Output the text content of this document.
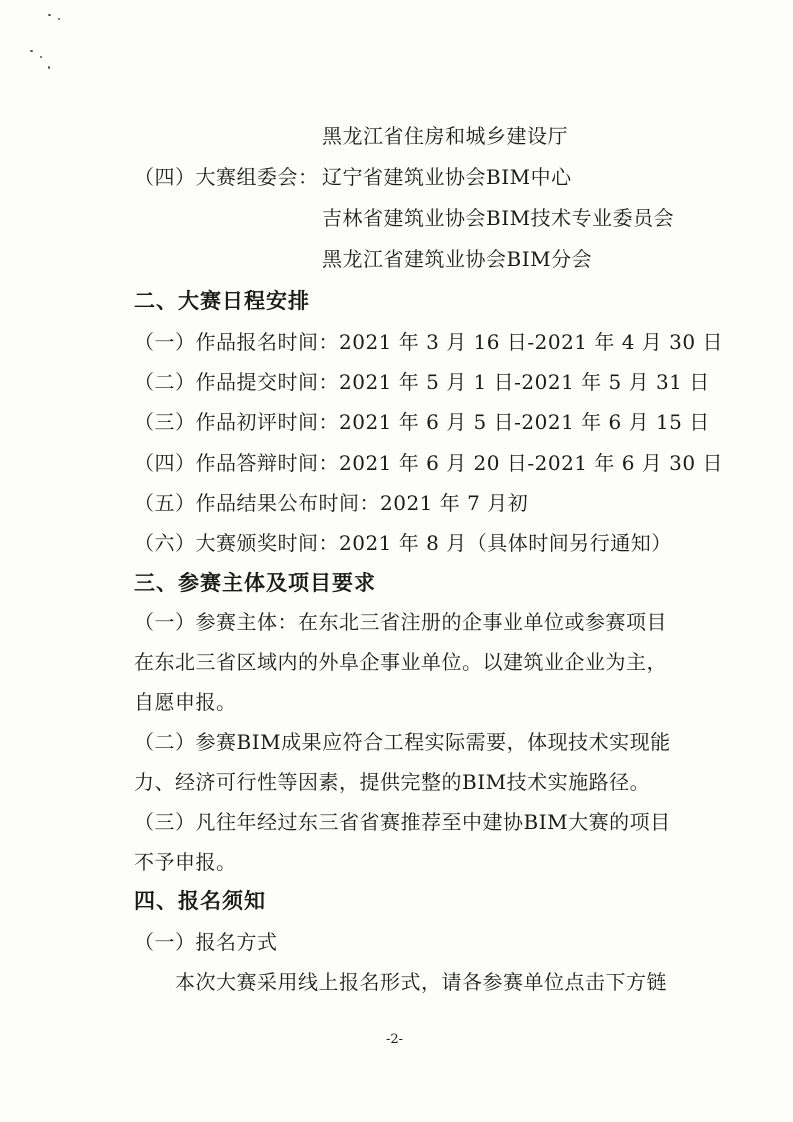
黑龙江省住房和城乡建设厅
（四）大赛组委会： 辽宁省建筑业协会BIM中心
吉林省建筑业协会BIM技术专业委员会
黑龙江省建筑业协会BIM分会
二、大赛日程安排
（一）作品报名时间：2021 年 3 月 16 日-2021 年 4 月 30 日
（二）作品提交时间：2021 年 5 月 1 日-2021 年 5 月 31 日
（三）作品初评时间：2021 年 6 月 5 日-2021 年 6 月 15 日
（四）作品答辩时间：2021 年 6 月 20 日-2021 年 6 月 30 日
（五）作品结果公布时间：2021 年 7 月初
（六）大赛颁奖时间：2021 年 8 月（具体时间另行通知）
三、参赛主体及项目要求
（一）参赛主体：在东北三省注册的企事业单位或参赛项目
在东北三省区域内的外阜企事业单位。以建筑业企业为主，
自愿申报。
（二）参赛BIM成果应符合工程实际需要，体现技术实现能
力、经济可行性等因素，提供完整的BIM技术实施路径。
（三）凡往年经过东三省省赛推荐至中建协BIM大赛的项目
不予申报。
四、报名须知
（一）报名方式
本次大赛采用线上报名形式，请各参赛单位点击下方链
-2-
